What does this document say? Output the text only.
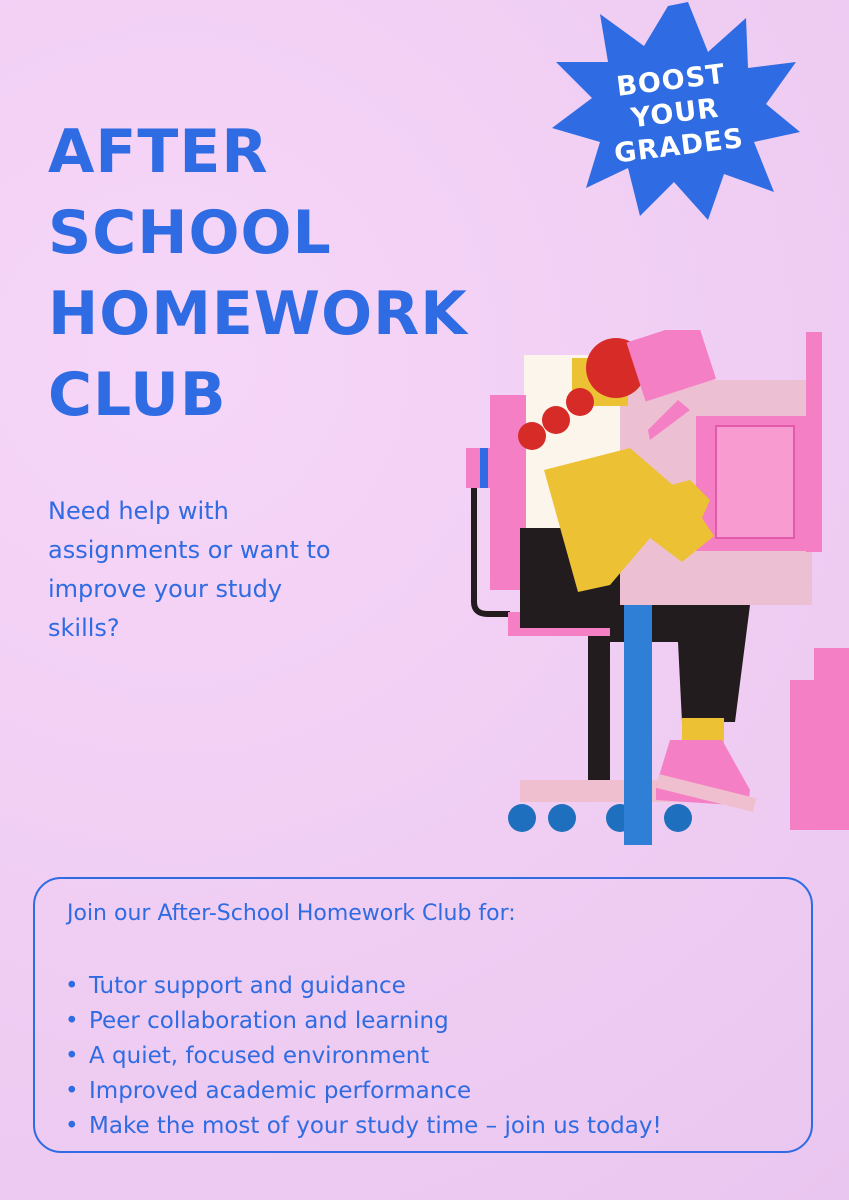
AFTER
SCHOOL
HOMEWORK
CLUB
BOOST
YOUR
GRADES

Need help with assignments or want to improve your study skills?

Join our After-School Homework Club for:

• Tutor support and guidance
• Peer collaboration and learning
• A quiet, focused environment
• Improved academic performance
• Make the most of your study time – join us today!
